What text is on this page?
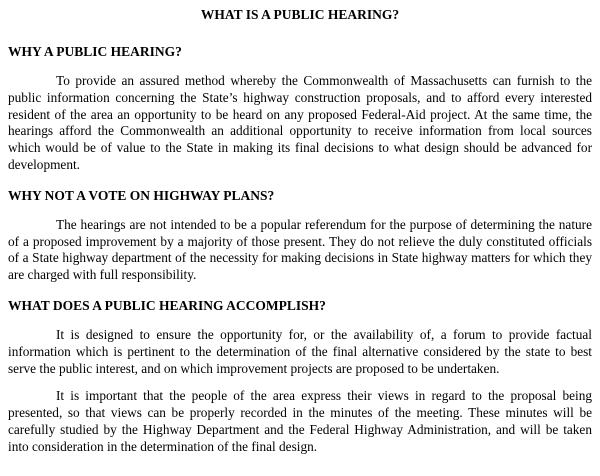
WHAT IS A PUBLIC HEARING?
WHY A PUBLIC HEARING?

To provide an assured method whereby the Commonwealth of Massachusetts can furnish to the public information concerning the State’s highway construction proposals, and to afford every interested resident of the area an opportunity to be heard on any proposed Federal-Aid project. At the same time, the hearings afford the Commonwealth an additional opportunity to receive information from local sources which would be of value to the State in making its final decisions to what design should be advanced for development.

WHY NOT A VOTE ON HIGHWAY PLANS?

The hearings are not intended to be a popular referendum for the purpose of determining the nature of a proposed improvement by a majority of those present. They do not relieve the duly constituted officials of a State highway department of the necessity for making decisions in State highway matters for which they are charged with full responsibility.

WHAT DOES A PUBLIC HEARING ACCOMPLISH?

It is designed to ensure the opportunity for, or the availability of, a forum to provide factual information which is pertinent to the determination of the final alternative considered by the state to best serve the public interest, and on which improvement projects are proposed to be undertaken.

It is important that the people of the area express their views in regard to the proposal being presented, so that views can be properly recorded in the minutes of the meeting. These minutes will be carefully studied by the Highway Department and the Federal Highway Administration, and will be taken into consideration in the determination of the final design.
